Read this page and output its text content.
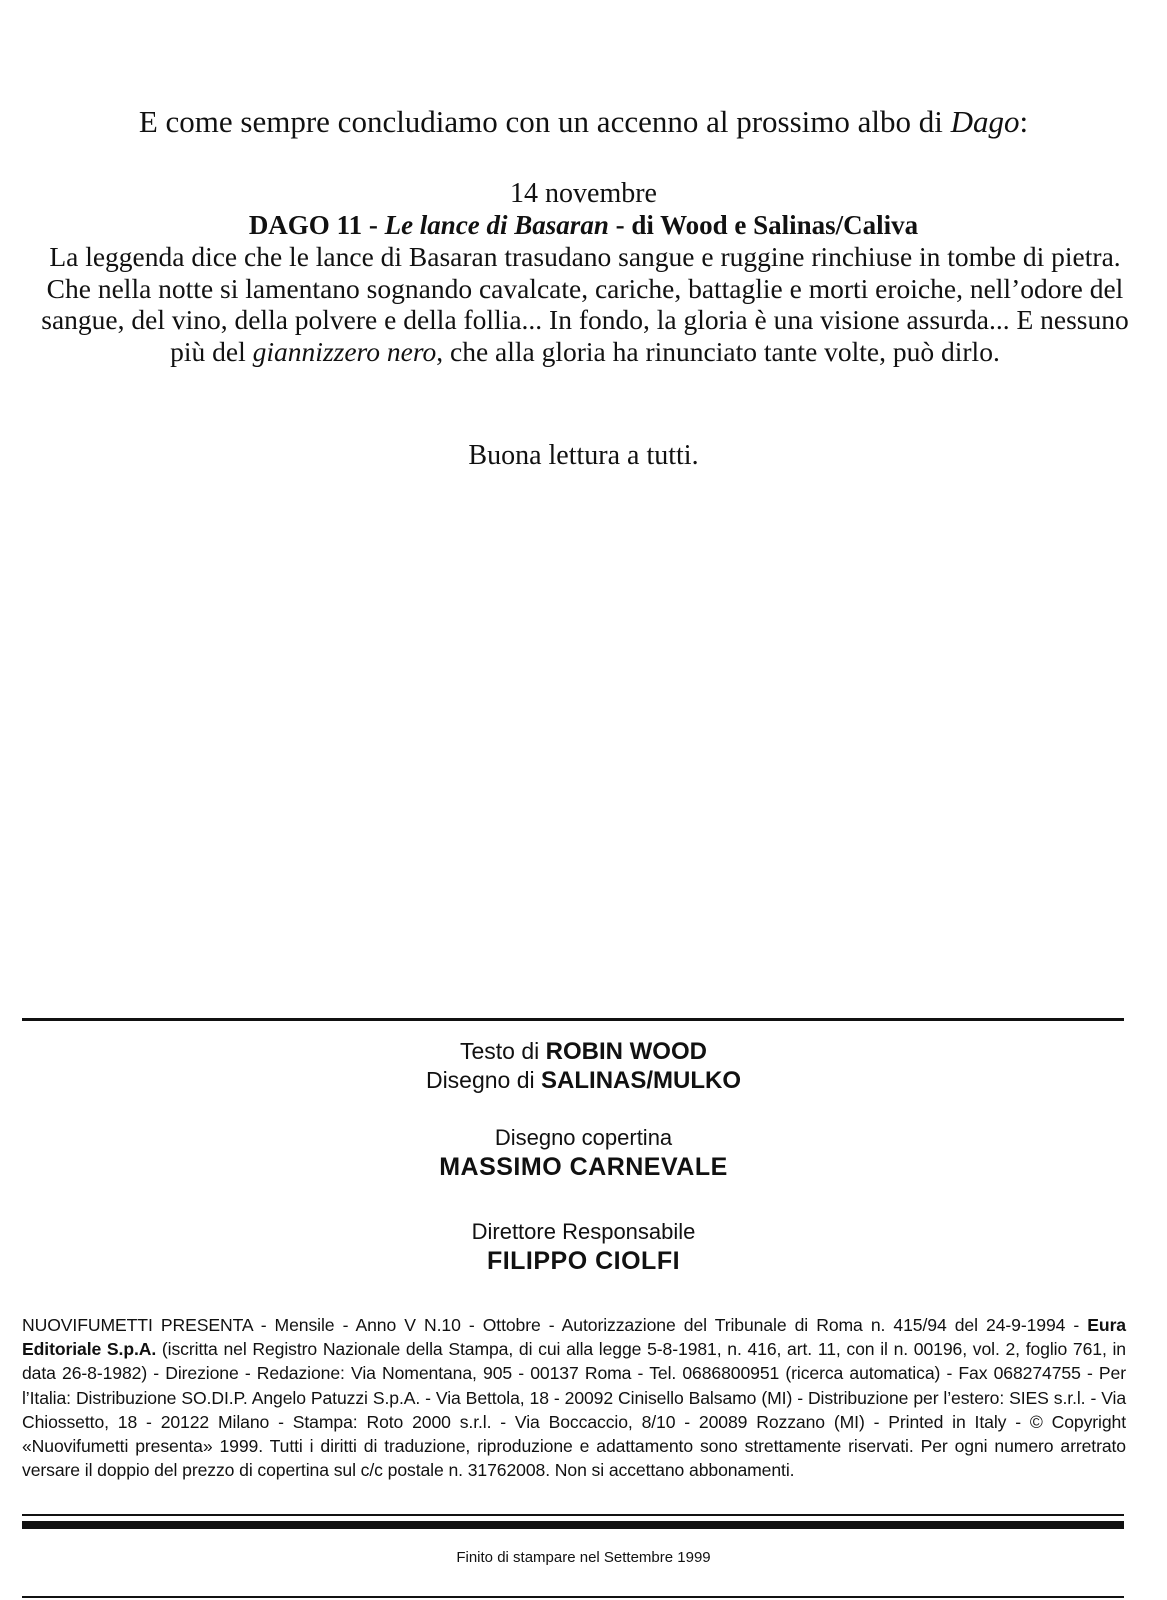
E come sempre concludiamo con un accenno al prossimo albo di Dago:
14 novembre
DAGO 11 - Le lance di Basaran - di Wood e Salinas/Caliva
La leggenda dice che le lance di Basaran trasudano sangue e ruggine rinchiuse in tombe di pietra. Che nella notte si lamentano sognando cavalcate, cariche, battaglie e morti eroiche, nell’odore del sangue, del vino, della polvere e della follia... In fondo, la gloria è una visione assurda... E nessuno più del giannizzero nero, che alla gloria ha rinunciato tante volte, può dirlo.
Buona lettura a tutti.
Testo di ROBIN WOOD
Disegno di SALINAS/MULKO
Disegno copertina
MASSIMO CARNEVALE
Direttore Responsabile
FILIPPO CIOLFI
NUOVIFUMETTI PRESENTA - Mensile - Anno V N.10 - Ottobre - Autorizzazione del Tribunale di Roma n. 415/94 del 24-9-1994 - Eura Editoriale S.p.A. (iscritta nel Registro Nazionale della Stampa, di cui alla legge 5-8-1981, n. 416, art. 11, con il n. 00196, vol. 2, foglio 761, in data 26-8-1982) - Direzione - Redazione: Via Nomentana, 905 - 00137 Roma - Tel. 0686800951 (ricerca automatica) - Fax 068274755 - Per l’Italia: Distribuzione SO.DI.P. Angelo Patuzzi S.p.A. - Via Bettola, 18 - 20092 Cinisello Balsamo (MI) - Distribuzione per l’estero: SIES s.r.l. - Via Chiossetto, 18 - 20122 Milano - Stampa: Roto 2000 s.r.l. - Via Boccaccio, 8/10 - 20089 Rozzano (MI) - Printed in Italy - © Copyright «Nuovifumetti presenta» 1999. Tutti i diritti di traduzione, riproduzione e adattamento sono strettamente riservati. Per ogni numero arretrato versare il doppio del prezzo di copertina sul c/c postale n. 31762008. Non si accettano abbonamenti.
Finito di stampare nel Settembre 1999
